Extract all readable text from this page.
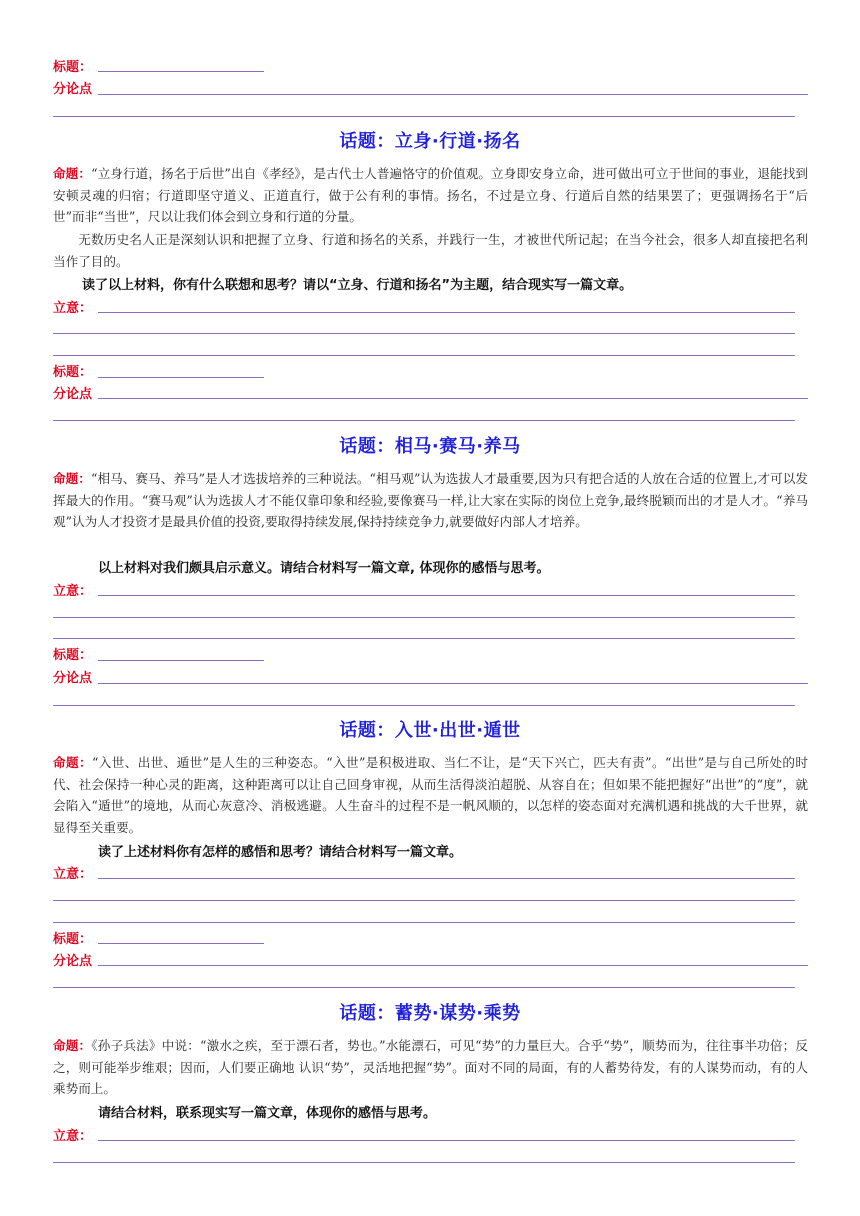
标题：
分论点
话题：立身·行道·扬名
命题：“立身行道，扬名于后世”出自《孝经》，是古代士人普遍恪守的价值观。立身即安身立命，进可做出可立于世间的事业，退能找到安顿灵魂的归宿；行道即坚守道义、正道直行，做于公有利的事情。扬名，不过是立身、行道后自然的结果罢了；更强调扬名于“后世”而非“当世”，尺以让我们体会到立身和行道的分量。
无数历史名人正是深刻认识和把握了立身、行道和扬名的关系，并践行一生，才被世代所记起；在当今社会，很多人却直接把名利当作了目的。
读了以上材料，你有什么联想和思考？请以“立身、行道和扬名”为主题，结合现实写一篇文章。
立意：
标题：
分论点
话题：相马·赛马·养马
命题：“相马、赛马、养马”是人才选拔培养的三种说法。“相马观”认为选拔人才最重要,因为只有把合适的人放在合适的位置上,才可以发挥最大的作用。“赛马观”认为选拔人才不能仅靠印象和经验,要像赛马一样,让大家在实际的岗位上竞争,最终脱颖而出的才是人才。“养马观”认为人才投资才是最具价值的投资,要取得持续发展,保持持续竞争力,就要做好内部人才培养。
以上材料对我们颇具启示意义。请结合材料写一篇文章, 体现你的感悟与思考。
立意：
标题：
分论点
话题：入世·出世·遁世
命题：“入世、出世、遁世”是人生的三种姿态。“入世”是积极进取、当仁不让，是“天下兴亡，匹夫有责”。“出世”是与自己所处的时代、社会保持一种心灵的距离，这种距离可以让自己回身审视，从而生活得淡泊超脱、从容自在；但如果不能把握好“出世”的“度”，就会陷入“遁世”的境地，从而心灰意冷、消极逃避。人生奋斗的过程不是一帆风顺的，以怎样的姿态面对充满机遇和挑战的大千世界，就显得至关重要。
读了上述材料你有怎样的感悟和思考？请结合材料写一篇文章。
立意：
标题：
分论点
话题：蓄势·谋势·乘势
命题：《孙子兵法》中说：“激水之疾，至于漂石者，势也。”水能漂石，可见“势”的力量巨大。合乎“势”，顺势而为，往往事半功倍；反之，则可能举步维艰；因而，人们要正确地 认识“势”，灵活地把握“势”。面对不同的局面，有的人蓄势待发，有的人谋势而动，有的人乘势而上。
请结合材料，联系现实写一篇文章，体现你的感悟与思考。
立意：
